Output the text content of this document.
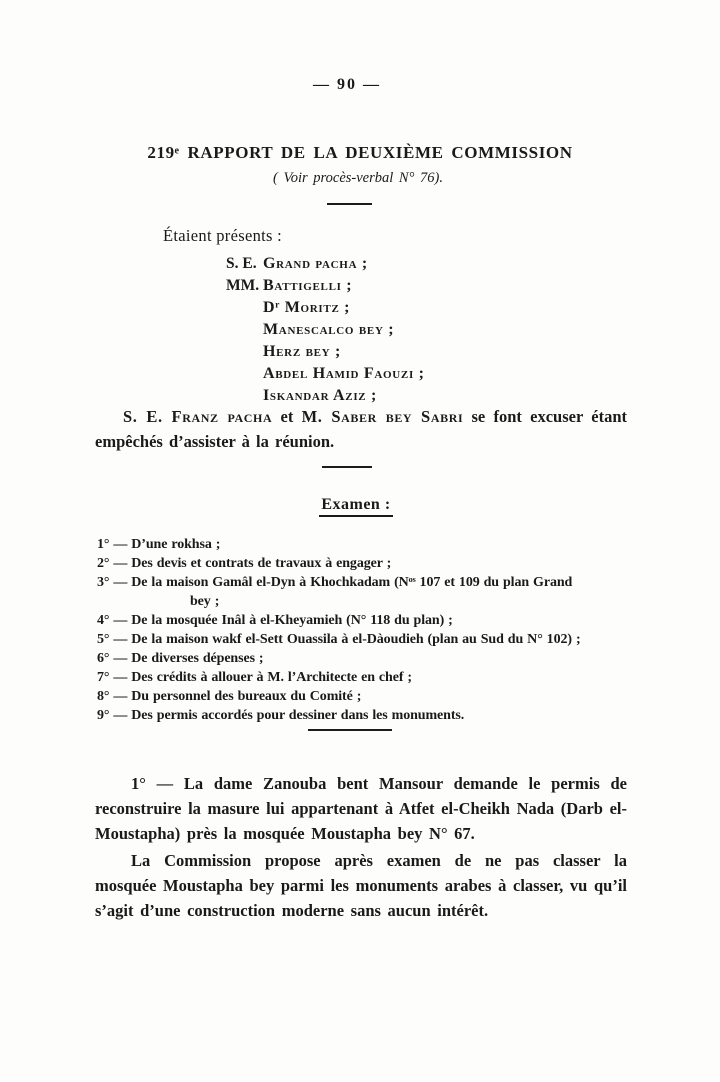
— 90 —
219ᵉ RAPPORT DE LA DEUXIÈME COMMISSION
( Voir procès-verbal N° 76).
Étaient présents :
S. E. Grand pacha ;
MM. Battigelli ;
Dʳ Moritz ;
Manescalco bey ;
Herz bey ;
Abdel Hamid Faouzi ;
Iskandar Aziz ;

S. E. Franz pacha et M. Saber bey Sabri se font excuser étant empêchés d’assister à la réunion.

Examen :
1° — D’une rokhsa ;
2° — Des devis et contrats de travaux à engager ;
3° — De la maison Gamâl el-Dyn à Khochkadam (Nᵒˢ 107 et 109 du plan Grand
bey ;
4° — De la mosquée Inâl à el-Kheyamieh (N° 118 du plan) ;
5° — De la maison wakf el-Sett Ouassila à el-Dàoudieh (plan au Sud du N° 102) ;
6° — De diverses dépenses ;
7° — Des crédits à allouer à M. l’Architecte en chef ;
8° — Du personnel des bureaux du Comité ;
9° — Des permis accordés pour dessiner dans les monuments.

1° — La dame Zanouba bent Mansour demande le permis de reconstruire la masure lui appartenant à Atfet el-Cheikh Nada (Darb el-Moustapha) près la mosquée Moustapha bey N° 67.

La Commission propose après examen de ne pas classer la mosquée Moustapha bey parmi les monuments arabes à classer, vu qu’il s’agit d’une construction moderne sans aucun intérêt.
